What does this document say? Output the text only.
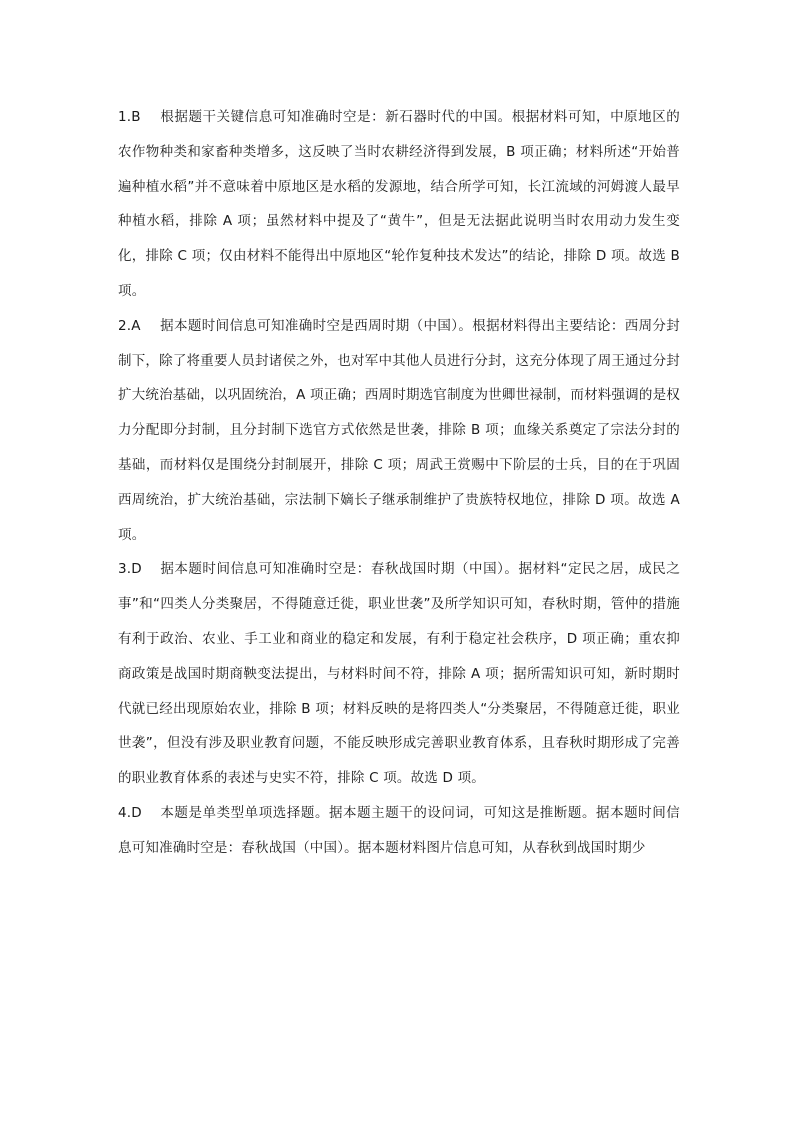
1.B 根据题干关键信息可知准确时空是：新石器时代的中国。根据材料可知，中原地区的农作物种类和家畜种类增多，这反映了当时农耕经济得到发展，B 项正确；材料所述“开始普遍种植水稻”并不意味着中原地区是水稻的发源地，结合所学可知，长江流域的河姆渡人最早种植水稻，排除 A 项；虽然材料中提及了“黄牛”，但是无法据此说明当时农用动力发生变化，排除 C 项；仅由材料不能得出中原地区“轮作复种技术发达”的结论，排除 D 项。故选 B 项。

2.A 据本题时间信息可知准确时空是西周时期（中国）。根据材料得出主要结论：西周分封制下，除了将重要人员封诸侯之外，也对军中其他人员进行分封，这充分体现了周王通过分封扩大统治基础，以巩固统治，A 项正确；西周时期选官制度为世卿世禄制，而材料强调的是权力分配即分封制，且分封制下选官方式依然是世袭，排除 B 项；血缘关系奠定了宗法分封的基础，而材料仅是围绕分封制展开，排除 C 项；周武王赏赐中下阶层的士兵，目的在于巩固西周统治，扩大统治基础，宗法制下嫡长子继承制维护了贵族特权地位，排除 D 项。故选 A 项。

3.D 据本题时间信息可知准确时空是：春秋战国时期（中国）。据材料“定民之居，成民之事”和“四类人分类聚居，不得随意迁徙，职业世袭”及所学知识可知，春秋时期，管仲的措施有利于政治、农业、手工业和商业的稳定和发展，有利于稳定社会秩序，D 项正确；重农抑商政策是战国时期商鞅变法提出，与材料时间不符，排除 A 项；据所需知识可知，新时期时代就已经出现原始农业，排除 B 项；材料反映的是将四类人“分类聚居，不得随意迁徙，职业世袭”，但没有涉及职业教育问题，不能反映形成完善职业教育体系，且春秋时期形成了完善的职业教育体系的表述与史实不符，排除 C 项。故选 D 项。

4.D 本题是单类型单项选择题。据本题主题干的设问词，可知这是推断题。据本题时间信息可知准确时空是：春秋战国（中国）。据本题材料图片信息可知，从春秋到战国时期少
